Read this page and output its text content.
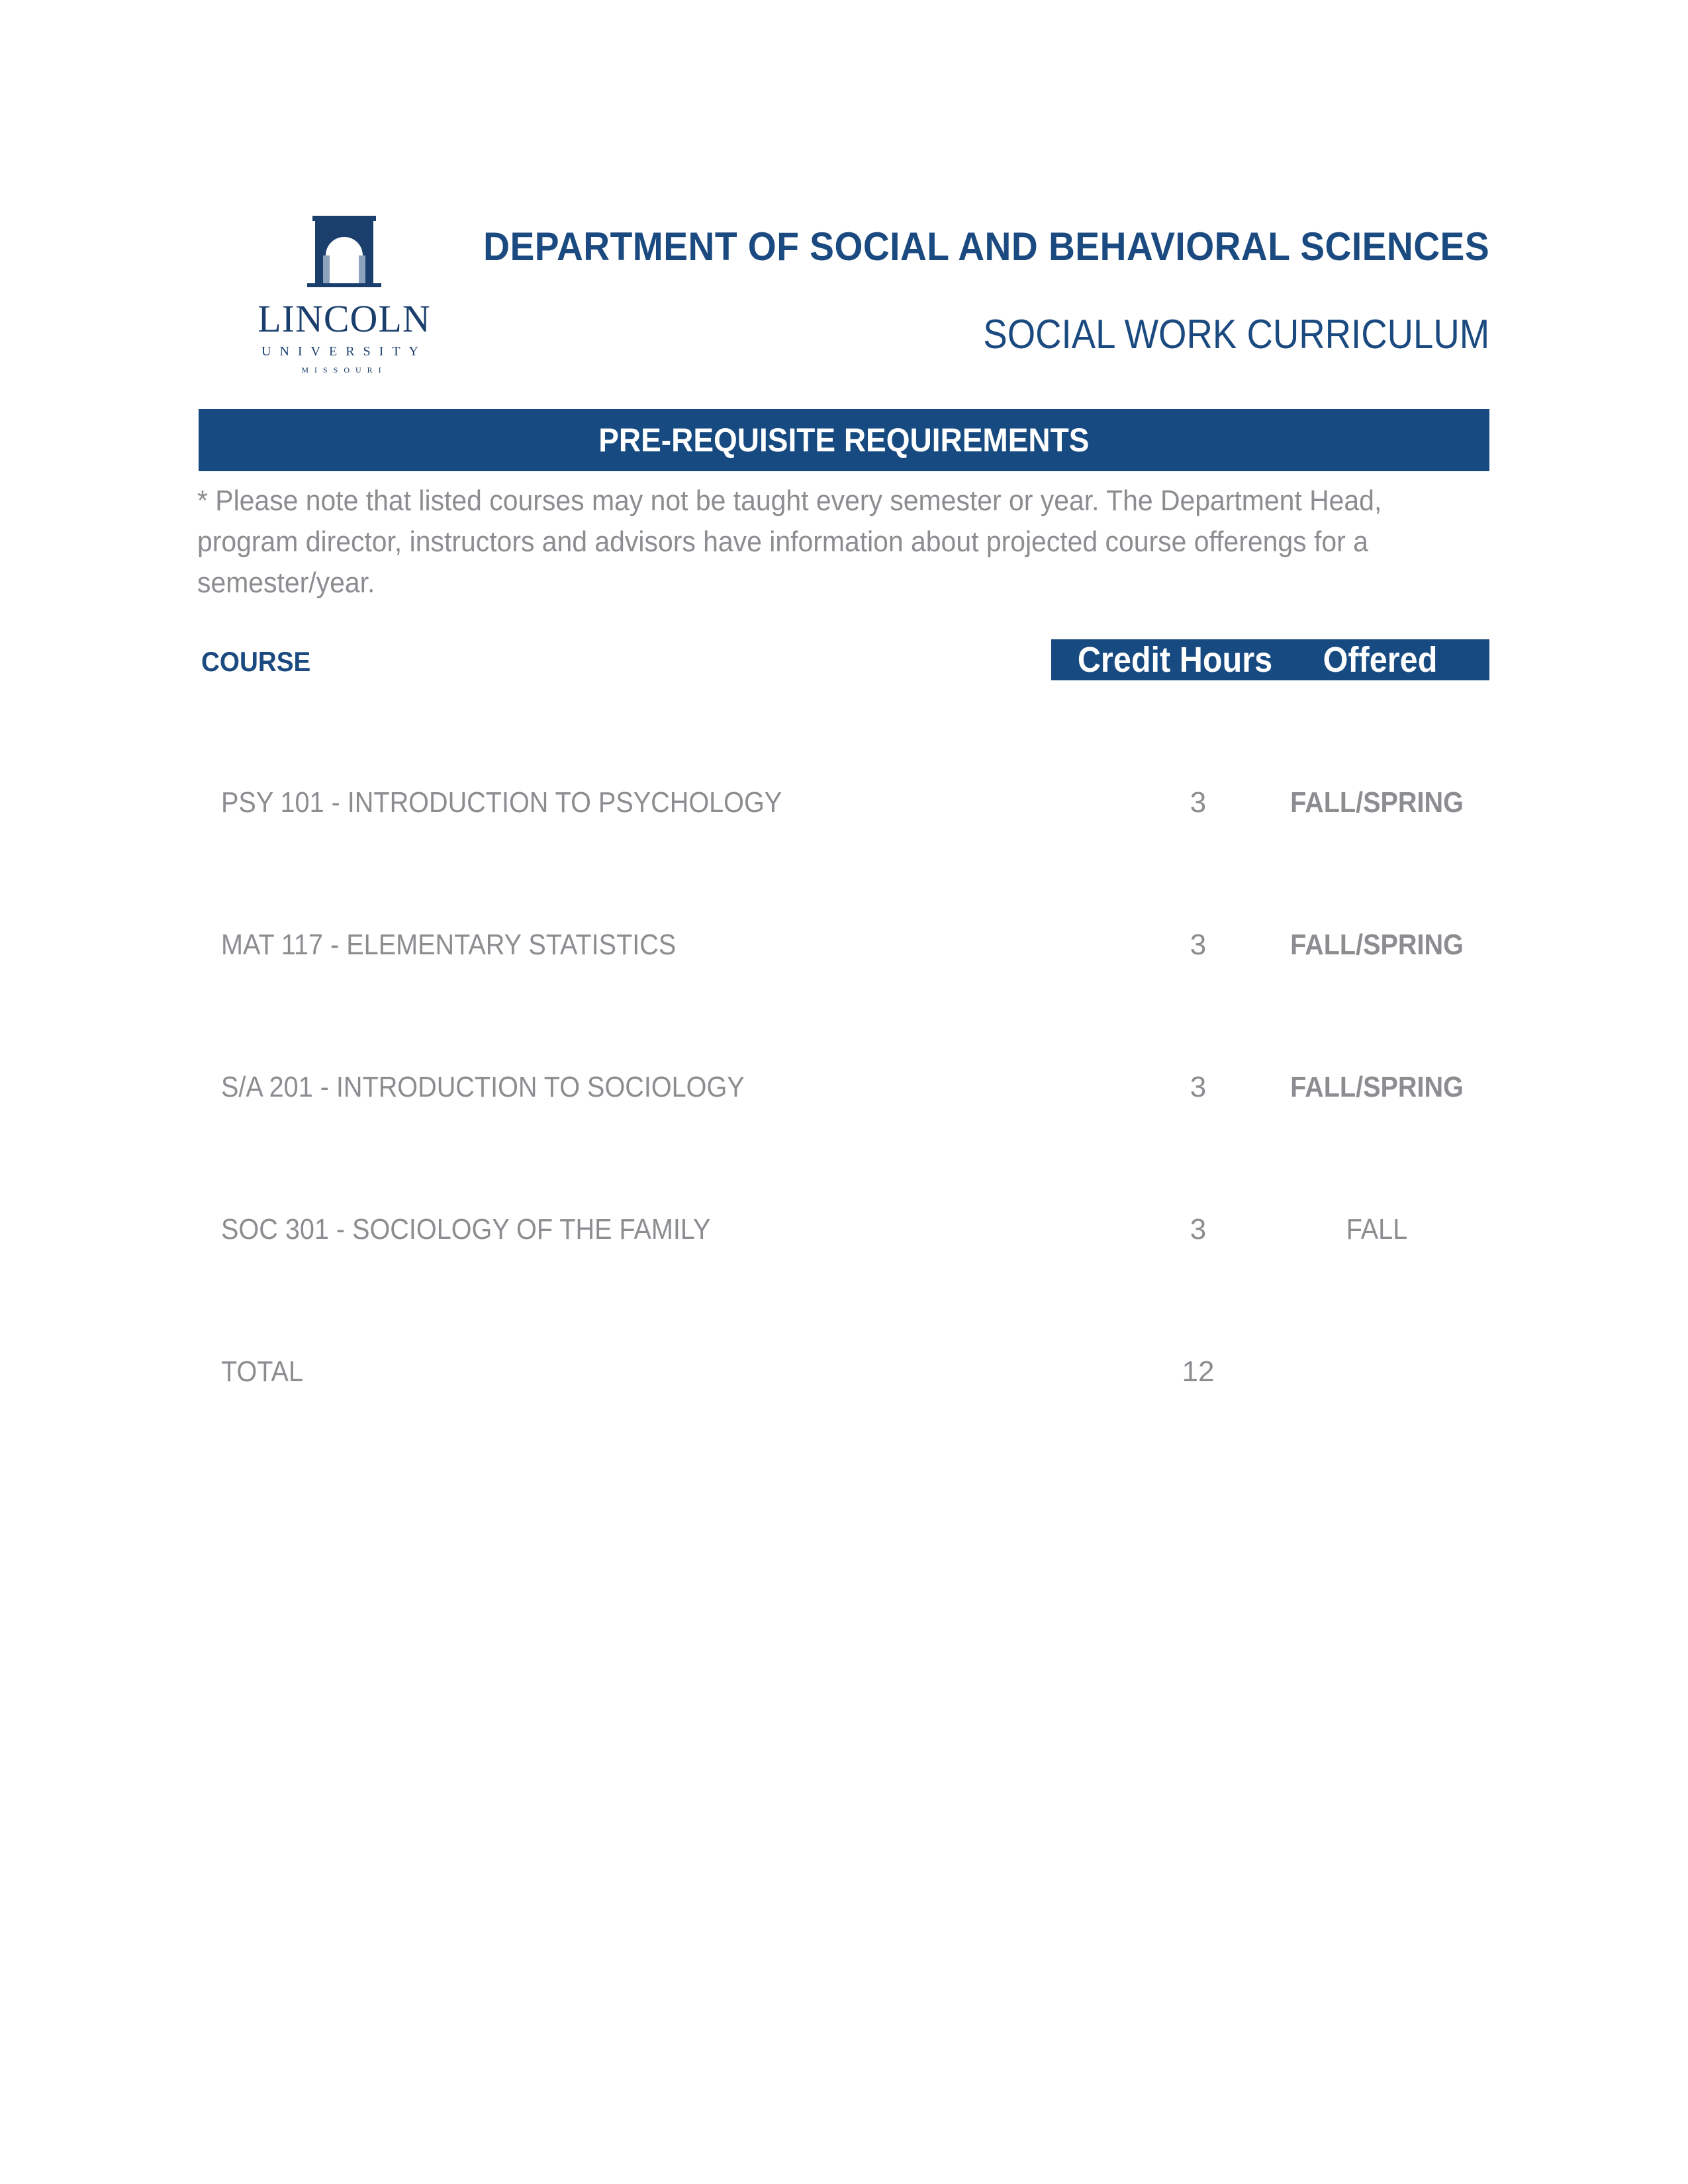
LINCOLN
UNIVERSITY
MISSOURI
DEPARTMENT OF SOCIAL AND BEHAVIORAL SCIENCES
SOCIAL WORK CURRICULUM
PRE-REQUISITE REQUIREMENTS
* Please note that listed courses may not be taught every semester or year. The Department Head,
program director, instructors and advisors have information about projected course offerengs for a
semester/year.
COURSE	Credit Hours	Offered
PSY 101 - INTRODUCTION TO PSYCHOLOGY	3	FALL/SPRING
MAT 117 - ELEMENTARY STATISTICS	3	FALL/SPRING
S/A 201 - INTRODUCTION TO SOCIOLOGY	3	FALL/SPRING
SOC 301 - SOCIOLOGY OF THE FAMILY	3	FALL
TOTAL	12
